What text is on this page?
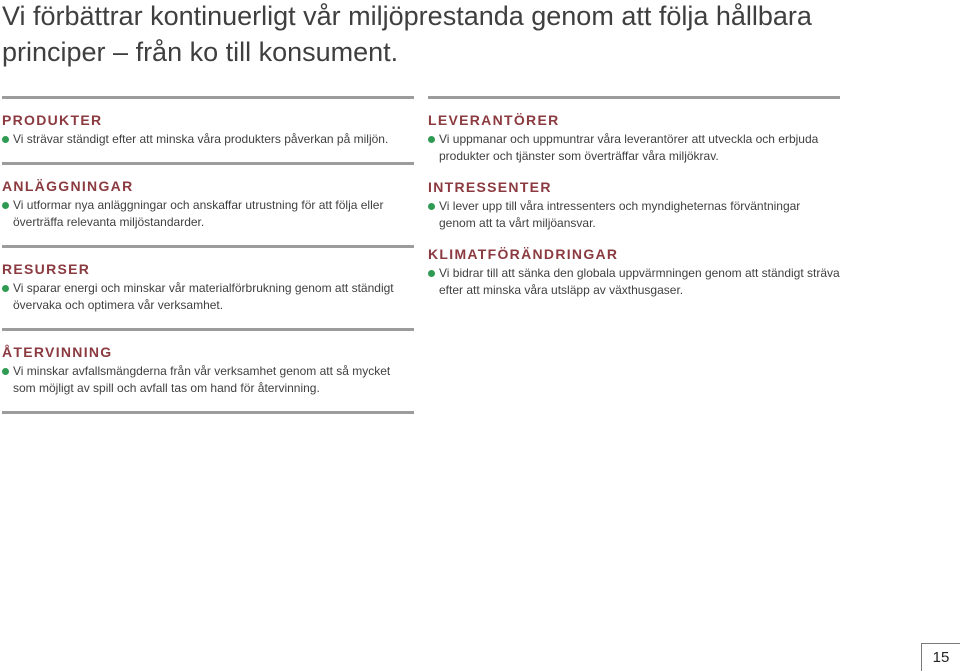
Vi förbättrar kontinuerligt vår miljöprestanda genom att följa hållbara principer – från ko till konsument.
PRODUKTER

Vi strävar ständigt efter att minska våra produkters påverkan på miljön.

ANLÄGGNINGAR

Vi utformar nya anläggningar och anskaffar utrustning för att följa eller överträffa relevanta miljöstandarder.

RESURSER

Vi sparar energi och minskar vår materialförbrukning genom att ständigt övervaka och optimera vår verksamhet.

ÅTERVINNING

Vi minskar avfallsmängderna från vår verksamhet genom att så mycket som möjligt av spill och avfall tas om hand för återvinning.

LEVERANTÖRER

Vi uppmanar och uppmuntrar våra leverantörer att utveckla och erbjuda produkter och tjänster som överträffar våra miljökrav.

INTRESSENTER

Vi lever upp till våra intressenters och myndigheternas förväntningar genom att ta vårt miljöansvar.

KLIMATFÖRÄNDRINGAR

Vi bidrar till att sänka den globala uppvärmningen genom att ständigt sträva efter att minska våra utsläpp av växthusgaser.

15
